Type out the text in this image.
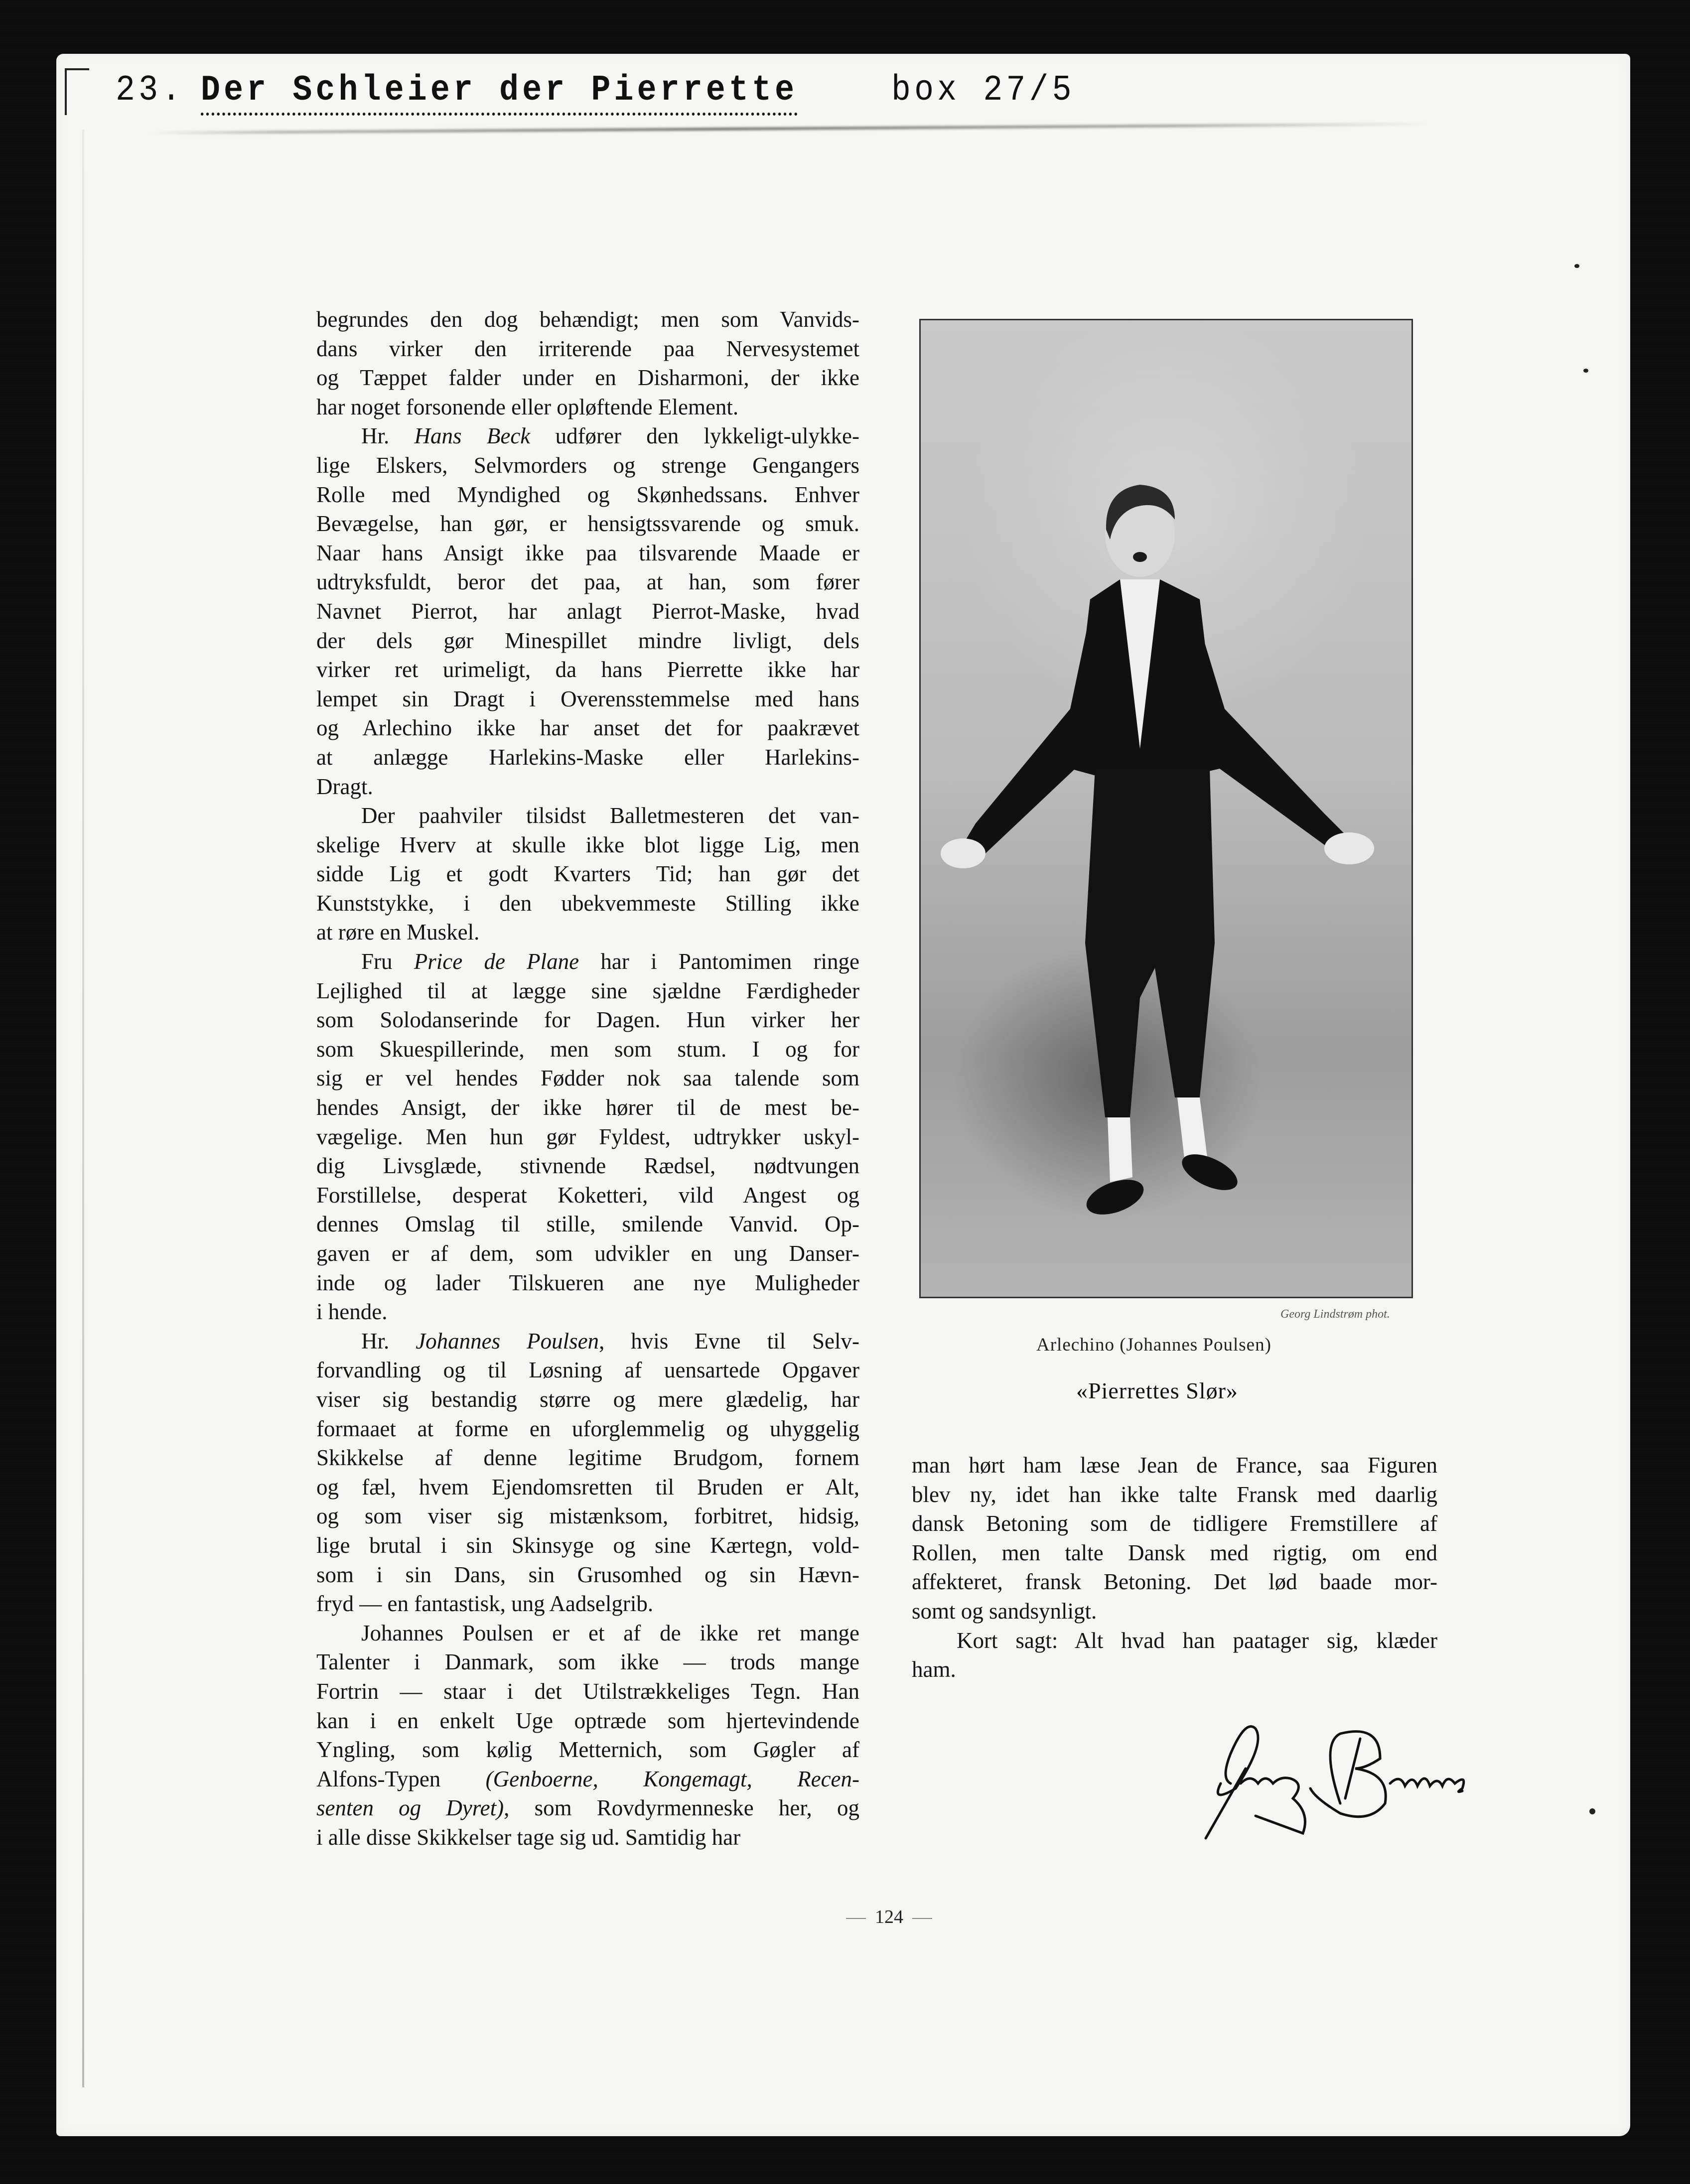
23. Der Schleier der Pierrette	box 27/5

begrundes den dog behændigt; men som Vanvids-
dans virker den irriterende paa Nervesystemet
og Tæppet falder under en Disharmoni, der ikke
har noget forsonende eller opløftende Element.

Hr. Hans Beck udfører den lykkeligt-ulykke-
lige Elskers, Selvmorders og strenge Gengangers
Rolle med Myndighed og Skønhedssans. Enhver
Bevægelse, han gør, er hensigtssvarende og smuk.
Naar hans Ansigt ikke paa tilsvarende Maade er
udtryksfuldt, beror det paa, at han, som fører
Navnet Pierrot, har anlagt Pierrot-Maske, hvad
der dels gør Minespillet mindre livligt, dels
virker ret urimeligt, da hans Pierrette ikke har
lempet sin Dragt i Overensstemmelse med hans
og Arlechino ikke har anset det for paakrævet
at anlægge Harlekins-Maske eller Harlekins-
Dragt.

Der paahviler tilsidst Balletmesteren det van-
skelige Hverv at skulle ikke blot ligge Lig, men
sidde Lig et godt Kvarters Tid; han gør det
Kunststykke, i den ubekvemmeste Stilling ikke
at røre en Muskel.

Fru Price de Plane har i Pantomimen ringe
Lejlighed til at lægge sine sjældne Færdigheder
som Solodanserinde for Dagen. Hun virker her
som Skuespillerinde, men som stum. I og for
sig er vel hendes Fødder nok saa talende som
hendes Ansigt, der ikke hører til de mest be-
vægelige. Men hun gør Fyldest, udtrykker uskyl-
dig Livsglæde, stivnende Rædsel, nødtvungen
Forstillelse, desperat Koketteri, vild Angest og
dennes Omslag til stille, smilende Vanvid. Op-
gaven er af dem, som udvikler en ung Danser-
inde og lader Tilskueren ane nye Muligheder
i hende.

Hr. Johannes Poulsen, hvis Evne til Selv-
forvandling og til Løsning af uensartede Opgaver
viser sig bestandig større og mere glædelig, har
formaaet at forme en uforglemmelig og uhyggelig
Skikkelse af denne legitime Brudgom, fornem
og fæl, hvem Ejendomsretten til Bruden er Alt,
og som viser sig mistænksom, forbitret, hidsig,
lige brutal i sin Skinsyge og sine Kærtegn, vold-
som i sin Dans, sin Grusomhed og sin Hævn-
fryd — en fantastisk, ung Aadselgrib.

Johannes Poulsen er et af de ikke ret mange
Talenter i Danmark, som ikke — trods mange
Fortrin — staar i det Utilstrækkeliges Tegn. Han
kan i en enkelt Uge optræde som hjertevindende
Yngling, som kølig Metternich, som Gøgler af
Alfons-Typen (Genboerne, Kongemagt, Recen-
senten og Dyret), som Rovdyrmenneske her, og
i alle disse Skikkelser tage sig ud. Samtidig har

Georg Lindstrøm phot.
Arlechino (Johannes Poulsen)
«Pierrettes Slør»

man hørt ham læse Jean de France, saa Figuren
blev ny, idet han ikke talte Fransk med daarlig
dansk Betoning som de tidligere Fremstillere af
Rollen, men talte Dansk med rigtig, om end
affekteret, fransk Betoning. Det lød baade mor-
somt og sandsynligt.

Kort sagt: Alt hvad han paatager sig, klæder
ham.

124
